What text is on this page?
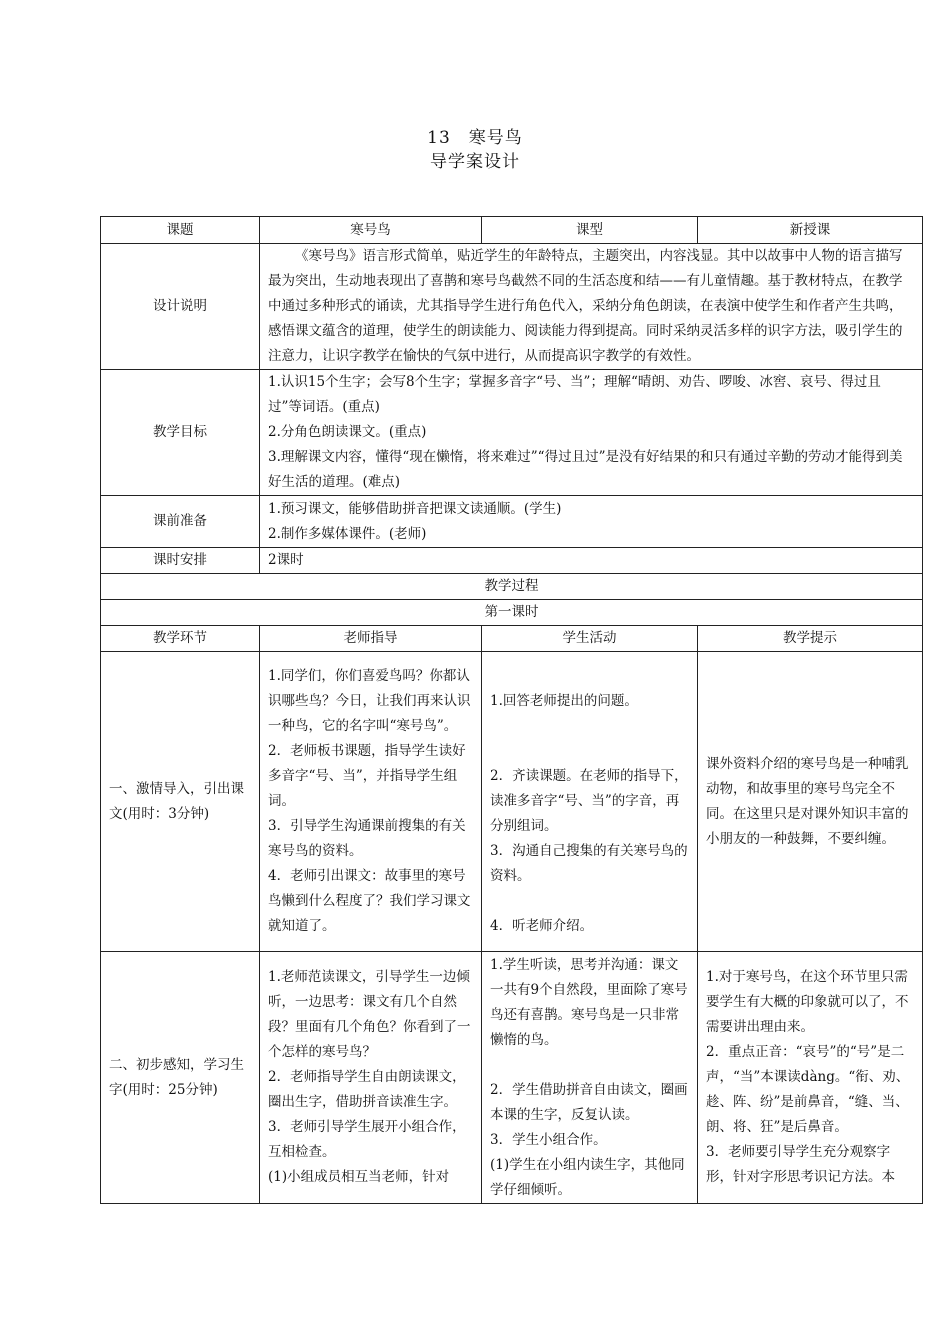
13　寒号鸟
导学案设计
课题	寒号鸟	课型	新授课
设计说明	《寒号鸟》语言形式简单，贴近学生的年龄特点，主题突出，内容浅显。其中以故事中人物的语言描写最为突出，生动地表现出了喜鹊和寒号鸟截然不同的生活态度和结——有儿童情趣。基于教材特点，在教学中通过多种形式的诵读，尤其指导学生进行角色代入，采纳分角色朗读，在表演中使学生和作者产生共鸣，感悟课文蕴含的道理，使学生的朗读能力、阅读能力得到提高。同时采纳灵活多样的识字方法，吸引学生的注意力，让识字教学在愉快的气氛中进行，从而提高识字教学的有效性。		
教学目标	1.认识15个生字；会写8个生字；掌握多音字“号、当”；理解“晴朗、劝告、啰唆、冰窖、哀号、得过且过”等词语。(重点)
2.分角色朗读课文。(重点)
3.理解课文内容，懂得“现在懒惰，将来难过”“得过且过”是没有好结果的和只有通过辛勤的劳动才能得到美好生活的道理。(难点)		

课前准备	1.预习课文，能够借助拼音把课文读通顺。(学生)
2.制作多媒体课件。(老师)		

课时安排	2课时		
教学过程			
第一课时			
教学环节	老师指导	学生活动	教学提示
一、激情导入，引出课文(用时：3分钟)	1.同学们，你们喜爱鸟吗？你都认识哪些鸟？今日，让我们再来认识一种鸟，它的名字叫“寒号鸟”。
2．老师板书课题，指导学生读好多音字“号、当”，并指导学生组词。
3．引导学生沟通课前搜集的有关寒号鸟的资料。
4．老师引出课文：故事里的寒号鸟懒到什么程度了？我们学习课文就知道了。	1.回答老师提出的问题。
2．齐读课题。在老师的指导下，读准多音字“号、当”的字音，再分别组词。
3．沟通自己搜集的有关寒号鸟的资料。
4．听老师介绍。	课外资料介绍的寒号鸟是一种哺乳动物，和故事里的寒号鸟完全不同。在这里只是对课外知识丰富的小朋友的一种鼓舞，不要纠缠。
二、初步感知，学习生字(用时：25分钟)	1.老师范读课文，引导学生一边倾听，一边思考：课文有几个自然段？里面有几个角色？你看到了一个怎样的寒号鸟？
2．老师指导学生自由朗读课文，圈出生字，借助拼音读准生字。
3．老师引导学生展开小组合作，互相检查。
(1)小组成员相互当老师，针对	1.学生听读，思考并沟通：课文一共有9个自然段，里面除了寒号鸟还有喜鹊。寒号鸟是一只非常懒惰的鸟。
2．学生借助拼音自由读文，圈画本课的生字，反复认读。
3．学生小组合作。
(1)学生在小组内读生字，其他同学仔细倾听。	1.对于寒号鸟，在这个环节里只需要学生有大概的印象就可以了，不需要讲出理由来。
2．重点正音：“哀号”的“号”是二声，“当”本课读dàng。“衔、劝、趁、阵、纷”是前鼻音，“缝、当、朗、将、狂”是后鼻音。
3．老师要引导学生充分观察字形，针对字形思考识记方法。本
